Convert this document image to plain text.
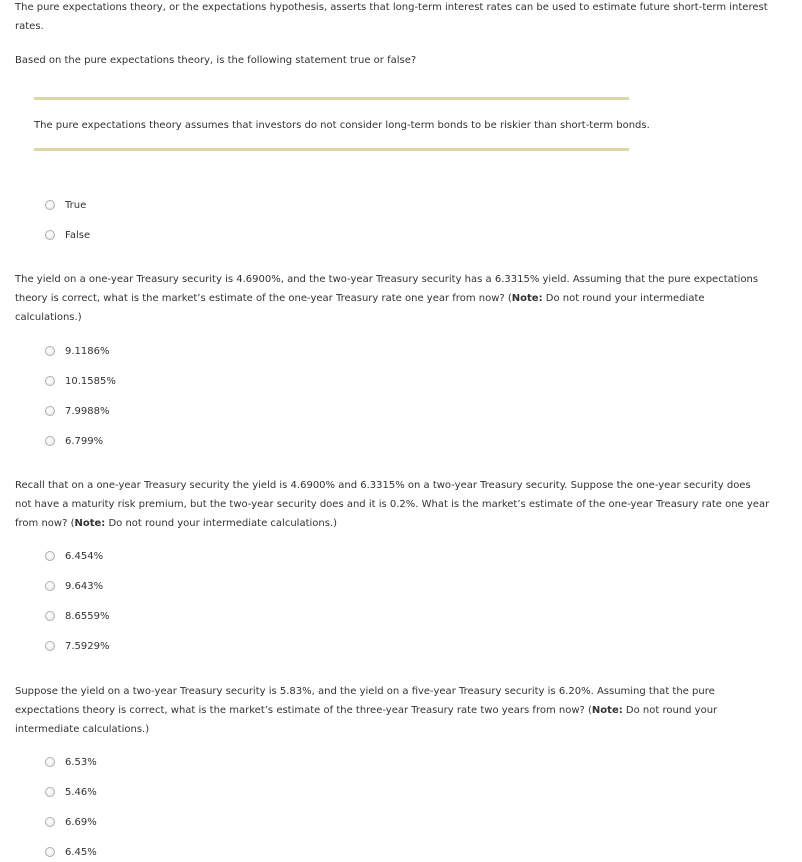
The pure expectations theory, or the expectations hypothesis, asserts that long-term interest rates can be used to estimate future short-term interest
rates.
Based on the pure expectations theory, is the following statement true or false?
The pure expectations theory assumes that investors do not consider long-term bonds to be riskier than short-term bonds.
True
False
The yield on a one-year Treasury security is 4.6900%, and the two-year Treasury security has a 6.3315% yield. Assuming that the pure expectations
theory is correct, what is the market’s estimate of the one-year Treasury rate one year from now? (Note: Do not round your intermediate
calculations.)
9.1186%
10.1585%
7.9988%
6.799%
Recall that on a one-year Treasury security the yield is 4.6900% and 6.3315% on a two-year Treasury security. Suppose the one-year security does
not have a maturity risk premium, but the two-year security does and it is 0.2%. What is the market’s estimate of the one-year Treasury rate one year
from now? (Note: Do not round your intermediate calculations.)
6.454%
9.643%
8.6559%
7.5929%
Suppose the yield on a two-year Treasury security is 5.83%, and the yield on a five-year Treasury security is 6.20%. Assuming that the pure
expectations theory is correct, what is the market’s estimate of the three-year Treasury rate two years from now? (Note: Do not round your
intermediate calculations.)
6.53%
5.46%
6.69%
6.45%
